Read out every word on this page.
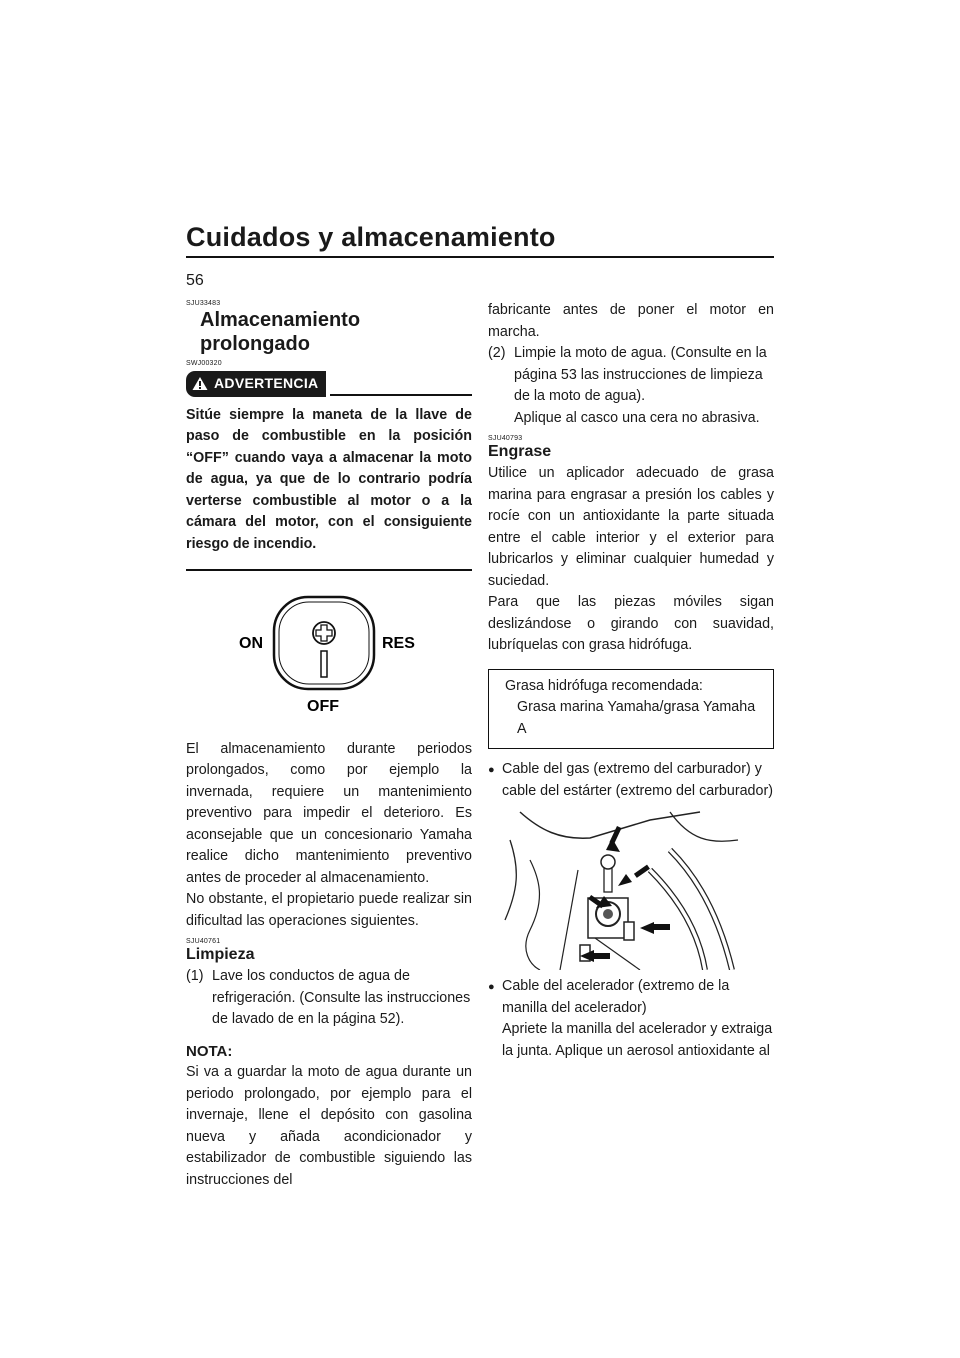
Cuidados y almacenamiento
56
SJU33483
Almacenamiento prolongado
SWJ00320
ADVERTENCIA

Sitúe siempre la maneta de la llave de paso de combustible en la posición “OFF” cuando vaya a almacenar la moto de agua, ya que de lo contrario podría verterse combustible al motor o a la cámara del motor, con el consiguiente riesgo de incendio.

ON	RES
OFF

El almacenamiento durante periodos prolongados, como por ejemplo la invernada, requiere un mantenimiento preventivo para impedir el deterioro. Es aconsejable que un concesionario Yamaha realice dicho mantenimiento preventivo antes de proceder al almacenamiento.

No obstante, el propietario puede realizar sin dificultad las operaciones siguientes.

SJU40761
Limpieza
(1) Lave los conductos de agua de refrigeración. (Consulte las instrucciones de lavado de en la página 52).
NOTA:

Si va a guardar la moto de agua durante un periodo prolongado, por ejemplo para el invernaje, llene el depósito con gasolina nueva y añada acondicionador y estabilizador de combustible siguiendo las instrucciones del

fabricante antes de poner el motor en marcha.

(2) Limpie la moto de agua. (Consulte en la página 53 las instrucciones de limpieza de la moto de agua).
Aplique al casco una cera no abrasiva.
SJU40793
Engrase

Utilice un aplicador adecuado de grasa marina para engrasar a presión los cables y rocíe con un antioxidante la parte situada entre el cable interior y el exterior para lubricarlos y eliminar cualquier humedad y suciedad.

Para que las piezas móviles sigan deslizándose o girando con suavidad, lubríquelas con grasa hidrófuga.

Grasa hidrófuga recomendada:
Grasa marina Yamaha/grasa Yamaha A
● Cable del gas (extremo del carburador) y cable del estárter (extremo del carburador)
● Cable del acelerador (extremo de la manilla del acelerador)
Apriete la manilla del acelerador y extraiga la junta. Aplique un aerosol antioxidante al
